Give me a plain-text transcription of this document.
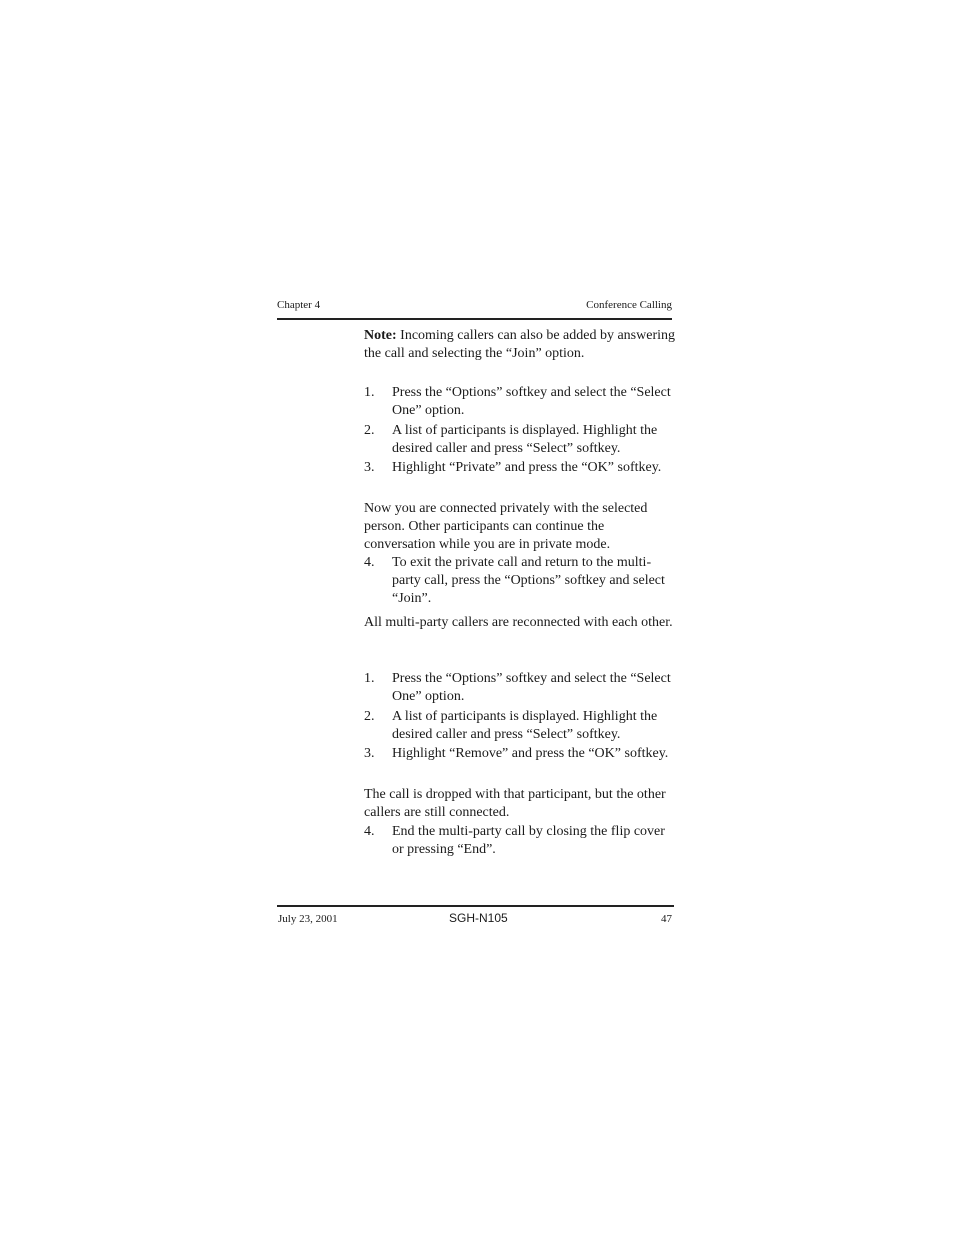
Chapter 4	Conference Calling

Note: Incoming callers can also be added by answering the call and selecting the “Join” option.

1.	Press the “Options” softkey and select the “Select One” option.
2.	A list of participants is displayed. Highlight the desired caller and press “Select” softkey.
3.	Highlight “Private” and press the “OK” softkey.

Now you are connected privately with the selected person. Other participants can continue the conversation while you are in private mode.

4.	To exit the private call and return to the multi-party call, press the “Options” softkey and select “Join”.

All multi-party callers are reconnected with each other.

1.	Press the “Options” softkey and select the “Select One” option.
2.	A list of participants is displayed. Highlight the desired caller and press “Select” softkey.
3.	Highlight “Remove” and press the “OK” softkey.

The call is dropped with that participant, but the other callers are still connected.

4.	End the multi-party call by closing the flip cover or pressing “End”.
July 23, 2001	SGH-N105	47
